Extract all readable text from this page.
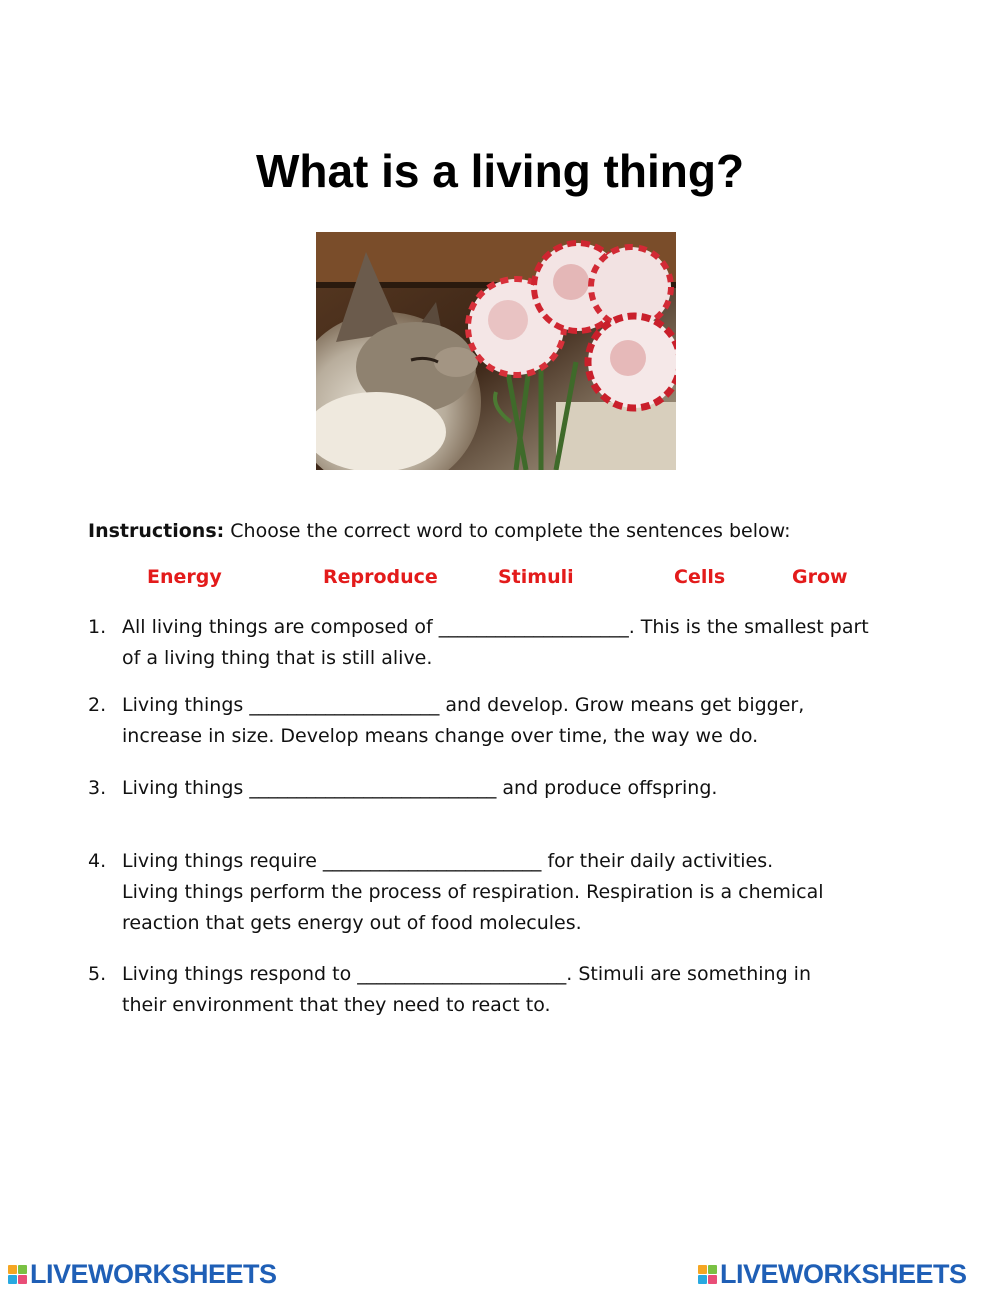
What is a living thing?
Instructions: Choose the correct word to complete the sentences below:
Energy	Reproduce	Stimuli	Cells	Grow
1. All living things are composed of ____________________. This is the smallest part
of a living thing that is still alive.
2. Living things ____________________ and develop. Grow means get bigger,
increase in size. Develop means change over time, the way we do.
3. Living things __________________________ and produce offspring.
4. Living things require _______________________ for their daily activities.
Living things perform the process of respiration. Respiration is a chemical
reaction that gets energy out of food molecules.
5. Living things respond to ______________________. Stimuli are something in
their environment that they need to react to.
LIVEWORKSHEETS	LIVEWORKSHEETS
